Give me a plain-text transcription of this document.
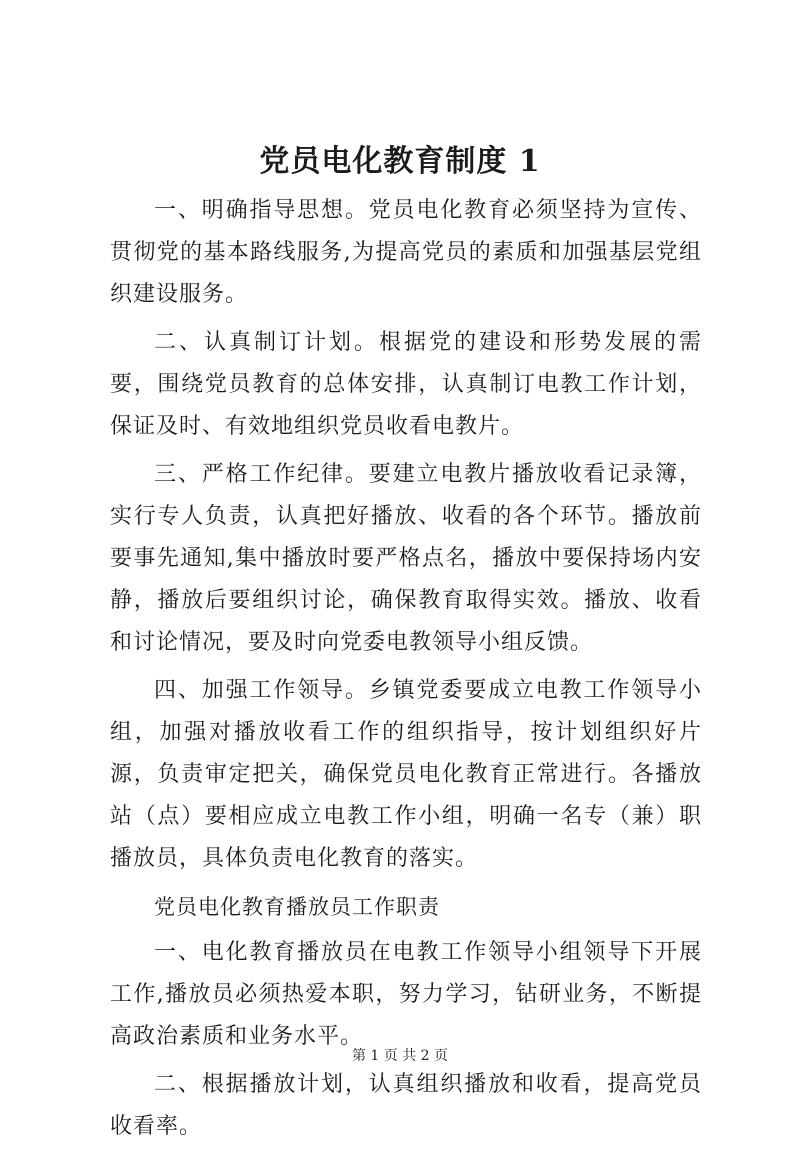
党员电化教育制度 1

一、明确指导思想。党员电化教育必须坚持为宣传、贯彻党的基本路线服务,为提高党员的素质和加强基层党组织建设服务。

二、认真制订计划。根据党的建设和形势发展的需要，围绕党员教育的总体安排，认真制订电教工作计划，保证及时、有效地组织党员收看电教片。

三、严格工作纪律。要建立电教片播放收看记录簿，实行专人负责，认真把好播放、收看的各个环节。播放前要事先通知,集中播放时要严格点名，播放中要保持场内安静，播放后要组织讨论，确保教育取得实效。播放、收看和讨论情况，要及时向党委电教领导小组反馈。

四、加强工作领导。乡镇党委要成立电教工作领导小组，加强对播放收看工作的组织指导，按计划组织好片源，负责审定把关，确保党员电化教育正常进行。各播放站（点）要相应成立电教工作小组，明确一名专（兼）职播放员，具体负责电化教育的落实。

党员电化教育播放员工作职责

一、电化教育播放员在电教工作领导小组领导下开展工作,播放员必须热爱本职，努力学习，钻研业务，不断提高政治素质和业务水平。

二、根据播放计划，认真组织播放和收看，提高党员收看率。

第 1 页 共 2 页
